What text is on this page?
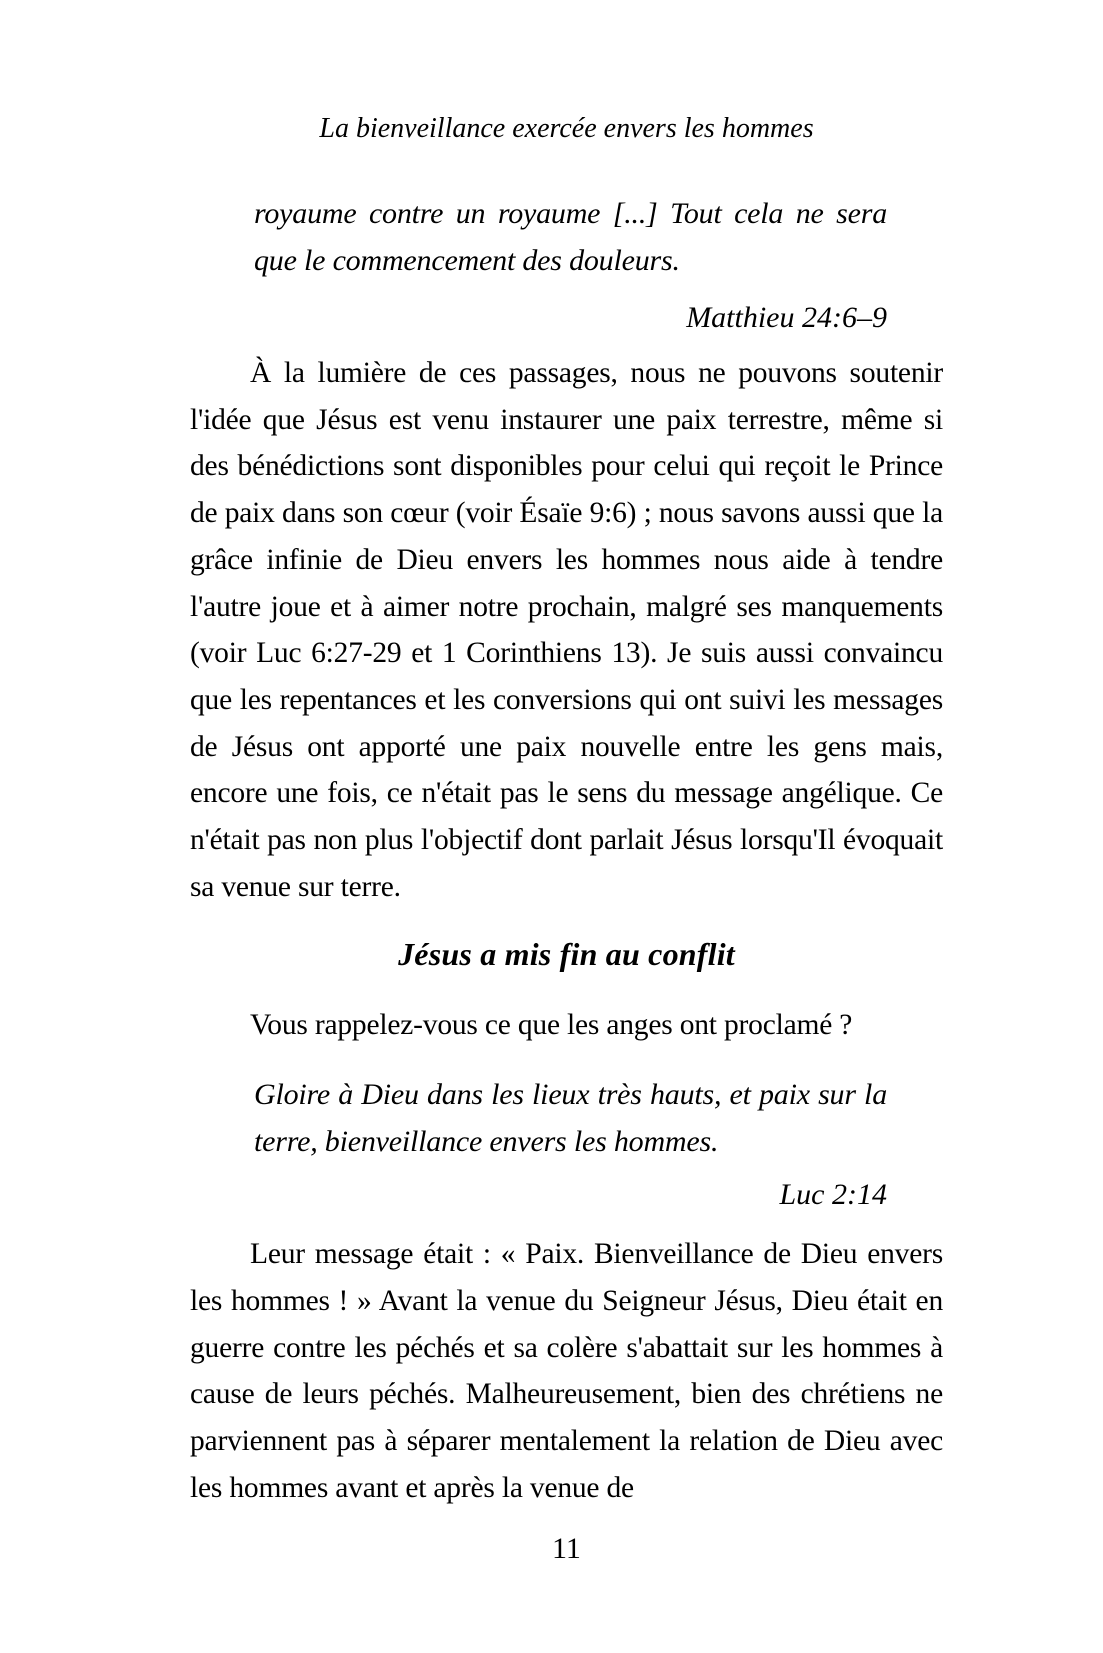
La bienveillance exercée envers les hommes
royaume contre un royaume [...] Tout cela ne sera que le commencement des douleurs.
Matthieu 24:6–9
À la lumière de ces passages, nous ne pouvons soutenir l'idée que Jésus est venu instaurer une paix terrestre, même si des bénédictions sont disponibles pour celui qui reçoit le Prince de paix dans son cœur (voir Ésaïe 9:6) ; nous savons aussi que la grâce infinie de Dieu envers les hommes nous aide à tendre l'autre joue et à aimer notre prochain, malgré ses manquements (voir Luc 6:27-29 et 1 Corinthiens 13). Je suis aussi convaincu que les repentances et les conversions qui ont suivi les messages de Jésus ont apporté une paix nouvelle entre les gens mais, encore une fois, ce n'était pas le sens du message angélique. Ce n'était pas non plus l'objectif dont parlait Jésus lorsqu'Il évoquait sa venue sur terre.
Jésus a mis fin au conflit
Vous rappelez-vous ce que les anges ont proclamé ?
Gloire à Dieu dans les lieux très hauts, et paix sur la terre, bienveillance envers les hommes.
Luc 2:14
Leur message était : « Paix. Bienveillance de Dieu envers les hommes ! » Avant la venue du Seigneur Jésus, Dieu était en guerre contre les péchés et sa colère s'abattait sur les hommes à cause de leurs péchés. Malheureusement, bien des chrétiens ne parviennent pas à séparer mentalement la relation de Dieu avec les hommes avant et après la venue de
11
